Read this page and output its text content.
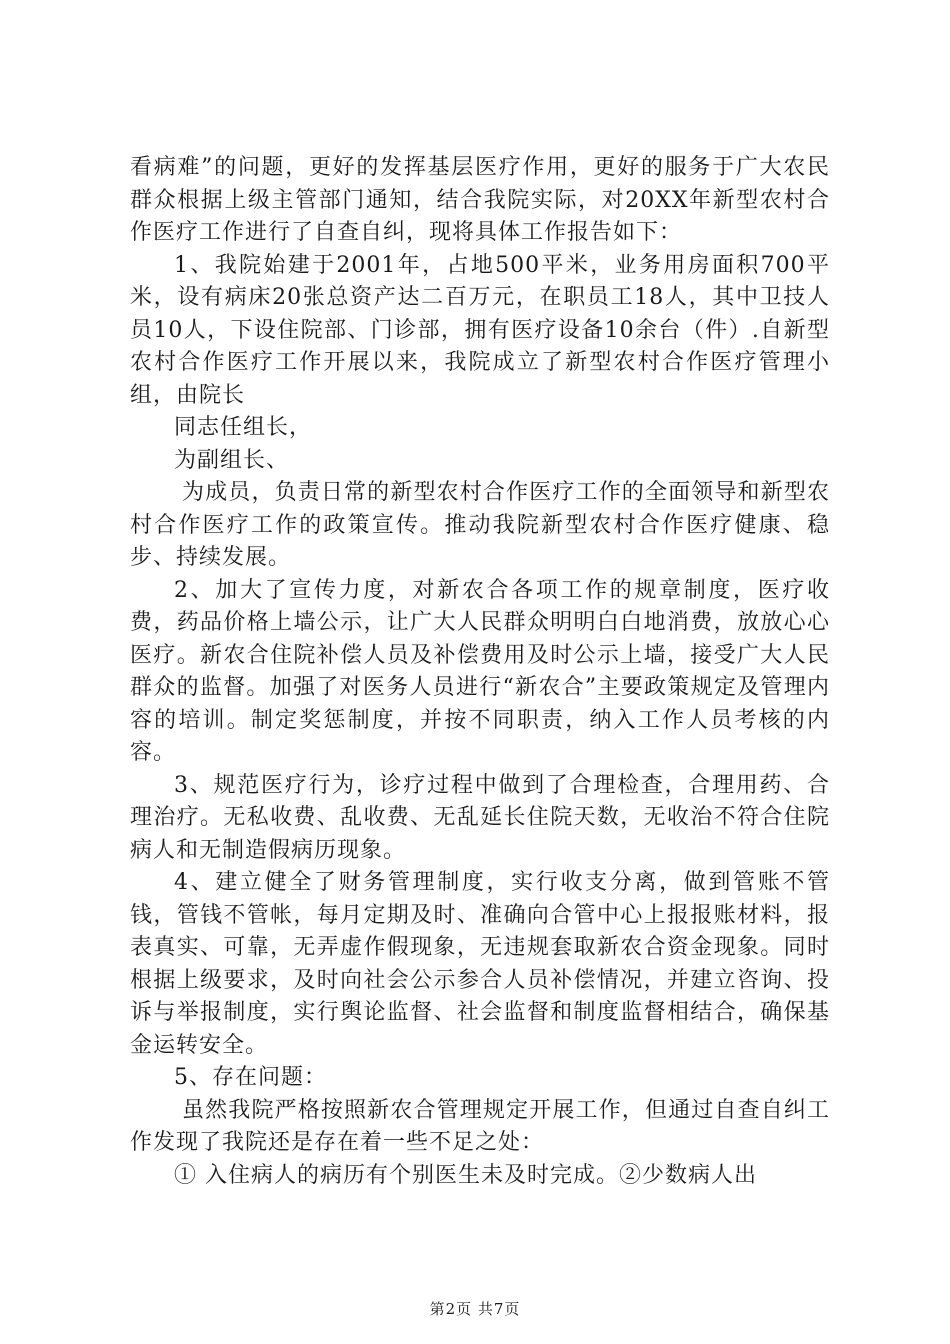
看病难”的问题，更好的发挥基层医疗作用，更好的服务于广大农民群众根据上级主管部门通知，结合我院实际，对20XX年新型农村合作医疗工作进行了自查自纠，现将具体工作报告如下：

1、我院始建于2001年，占地500平米，业务用房面积700平米，设有病床20张总资产达二百万元，在职员工18人，其中卫技人员10人，下设住院部、门诊部，拥有医疗设备10余台（件）.自新型农村合作医疗工作开展以来，我院成立了新型农村合作医疗管理小组，由院长

同志任组长，

为副组长、

为成员，负责日常的新型农村合作医疗工作的全面领导和新型农村合作医疗工作的政策宣传。推动我院新型农村合作医疗健康、稳步、持续发展。

2、加大了宣传力度，对新农合各项工作的规章制度，医疗收费，药品价格上墙公示，让广大人民群众明明白白地消费，放放心心医疗。新农合住院补偿人员及补偿费用及时公示上墙，接受广大人民群众的监督。加强了对医务人员进行“新农合”主要政策规定及管理内容的培训。制定奖惩制度，并按不同职责，纳入工作人员考核的内容。

3、规范医疗行为，诊疗过程中做到了合理检查，合理用药、合理治疗。无私收费、乱收费、无乱延长住院天数，无收治不符合住院病人和无制造假病历现象。

4、建立健全了财务管理制度，实行收支分离，做到管账不管钱，管钱不管帐，每月定期及时、准确向合管中心上报报账材料，报表真实、可靠，无弄虚作假现象，无违规套取新农合资金现象。同时根据上级要求，及时向社会公示参合人员补偿情况，并建立咨询、投诉与举报制度，实行舆论监督、社会监督和制度监督相结合，确保基金运转安全。

5、存在问题：

虽然我院严格按照新农合管理规定开展工作，但通过自查自纠工作发现了我院还是存在着一些不足之处：

① 入住病人的病历有个别医生未及时完成。②少数病人出

第2页 共7页
